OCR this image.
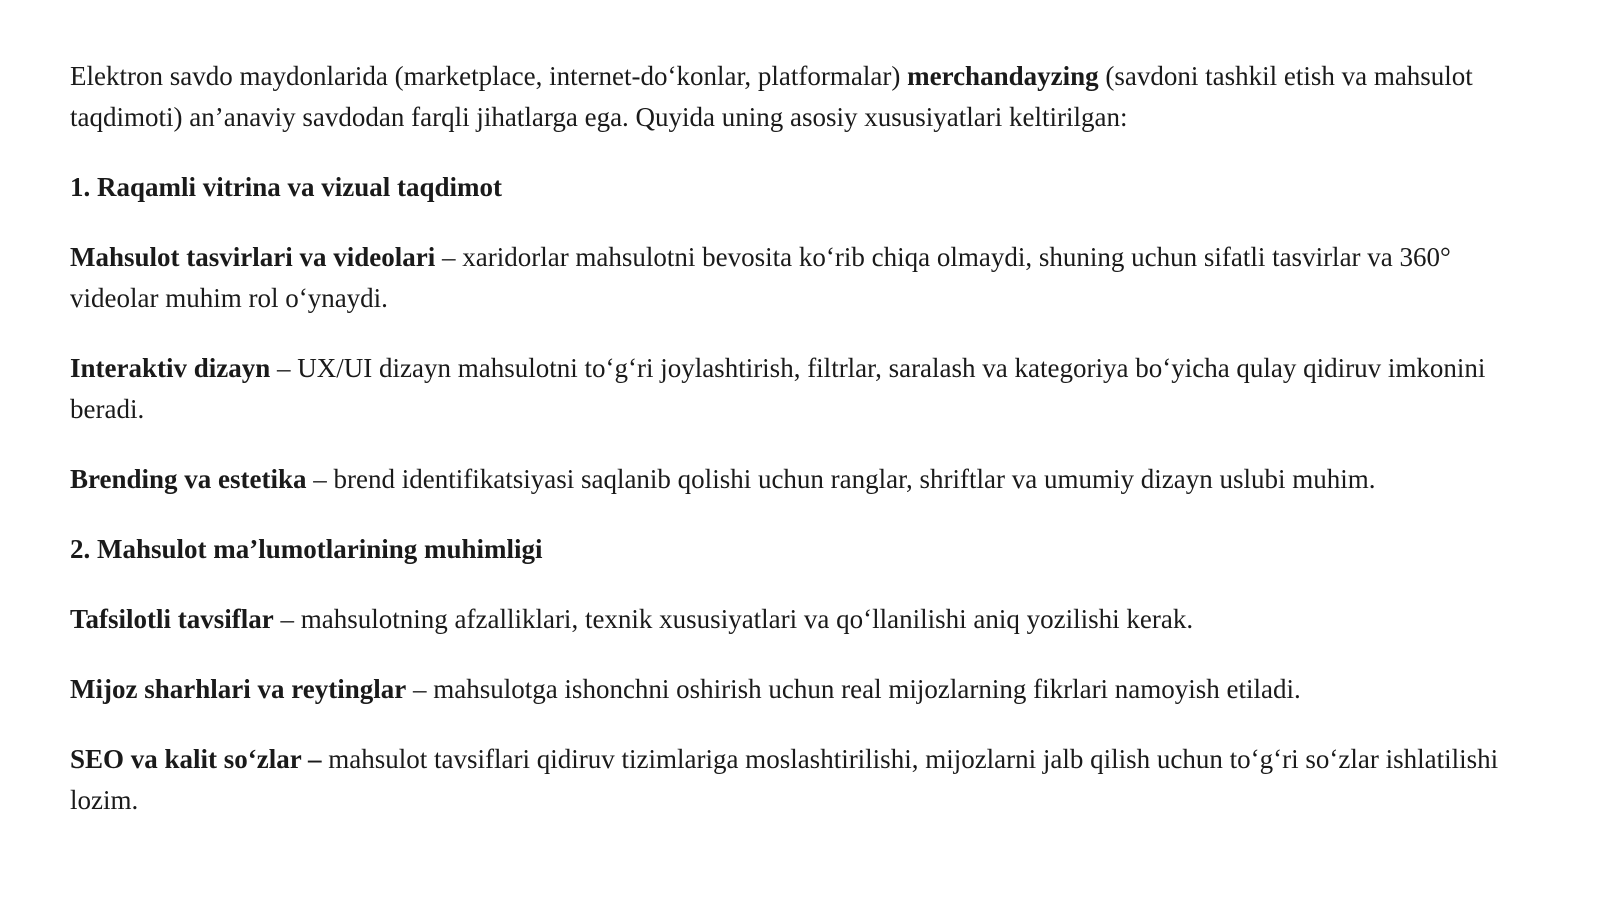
Elektron savdo maydonlarida (marketplace, internet-do‘konlar, platformalar) merchandayzing (savdoni tashkil etish va mahsulot taqdimoti) an’anaviy savdodan farqli jihatlarga ega. Quyida uning asosiy xususiyatlari keltirilgan:

1. Raqamli vitrina va vizual taqdimot

Mahsulot tasvirlari va videolari – xaridorlar mahsulotni bevosita ko‘rib chiqa olmaydi, shuning uchun sifatli tasvirlar va 360° videolar muhim rol o‘ynaydi.

Interaktiv dizayn – UX/UI dizayn mahsulotni to‘g‘ri joylashtirish, filtrlar, saralash va kategoriya bo‘yicha qulay qidiruv imkonini beradi.

Brending va estetika – brend identifikatsiyasi saqlanib qolishi uchun ranglar, shriftlar va umumiy dizayn uslubi muhim.

2. Mahsulot ma’lumotlarining muhimligi

Tafsilotli tavsiflar – mahsulotning afzalliklari, texnik xususiyatlari va qo‘llanilishi aniq yozilishi kerak.

Mijoz sharhlari va reytinglar – mahsulotga ishonchni oshirish uchun real mijozlarning fikrlari namoyish etiladi.

SEO va kalit so‘zlar – mahsulot tavsiflari qidiruv tizimlariga moslashtirilishi, mijozlarni jalb qilish uchun to‘g‘ri so‘zlar ishlatilishi lozim.
